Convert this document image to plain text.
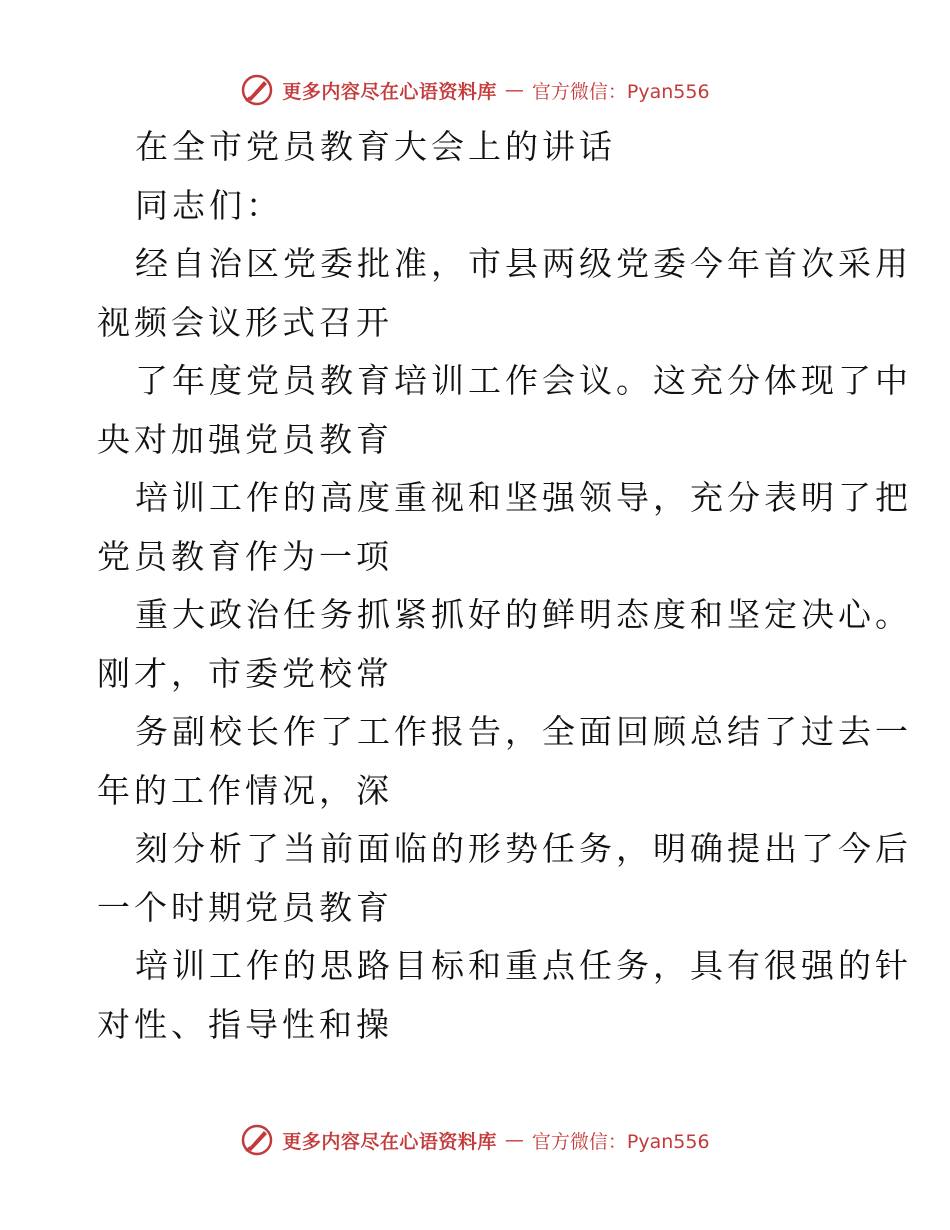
更多内容尽在心语资料库 — 官方微信：Pyan556
在全市党员教育大会上的讲话
同志们：
经自治区党委批准，市县两级党委今年首次采用
视频会议形式召开
了年度党员教育培训工作会议。这充分体现了中
央对加强党员教育
培训工作的高度重视和坚强领导，充分表明了把
党员教育作为一项
重大政治任务抓紧抓好的鲜明态度和坚定决心。
刚才，市委党校常
务副校长作了工作报告，全面回顾总结了过去一
年的工作情况，深
刻分析了当前面临的形势任务，明确提出了今后
一个时期党员教育
培训工作的思路目标和重点任务，具有很强的针
对性、指导性和操
更多内容尽在心语资料库 — 官方微信：Pyan556
